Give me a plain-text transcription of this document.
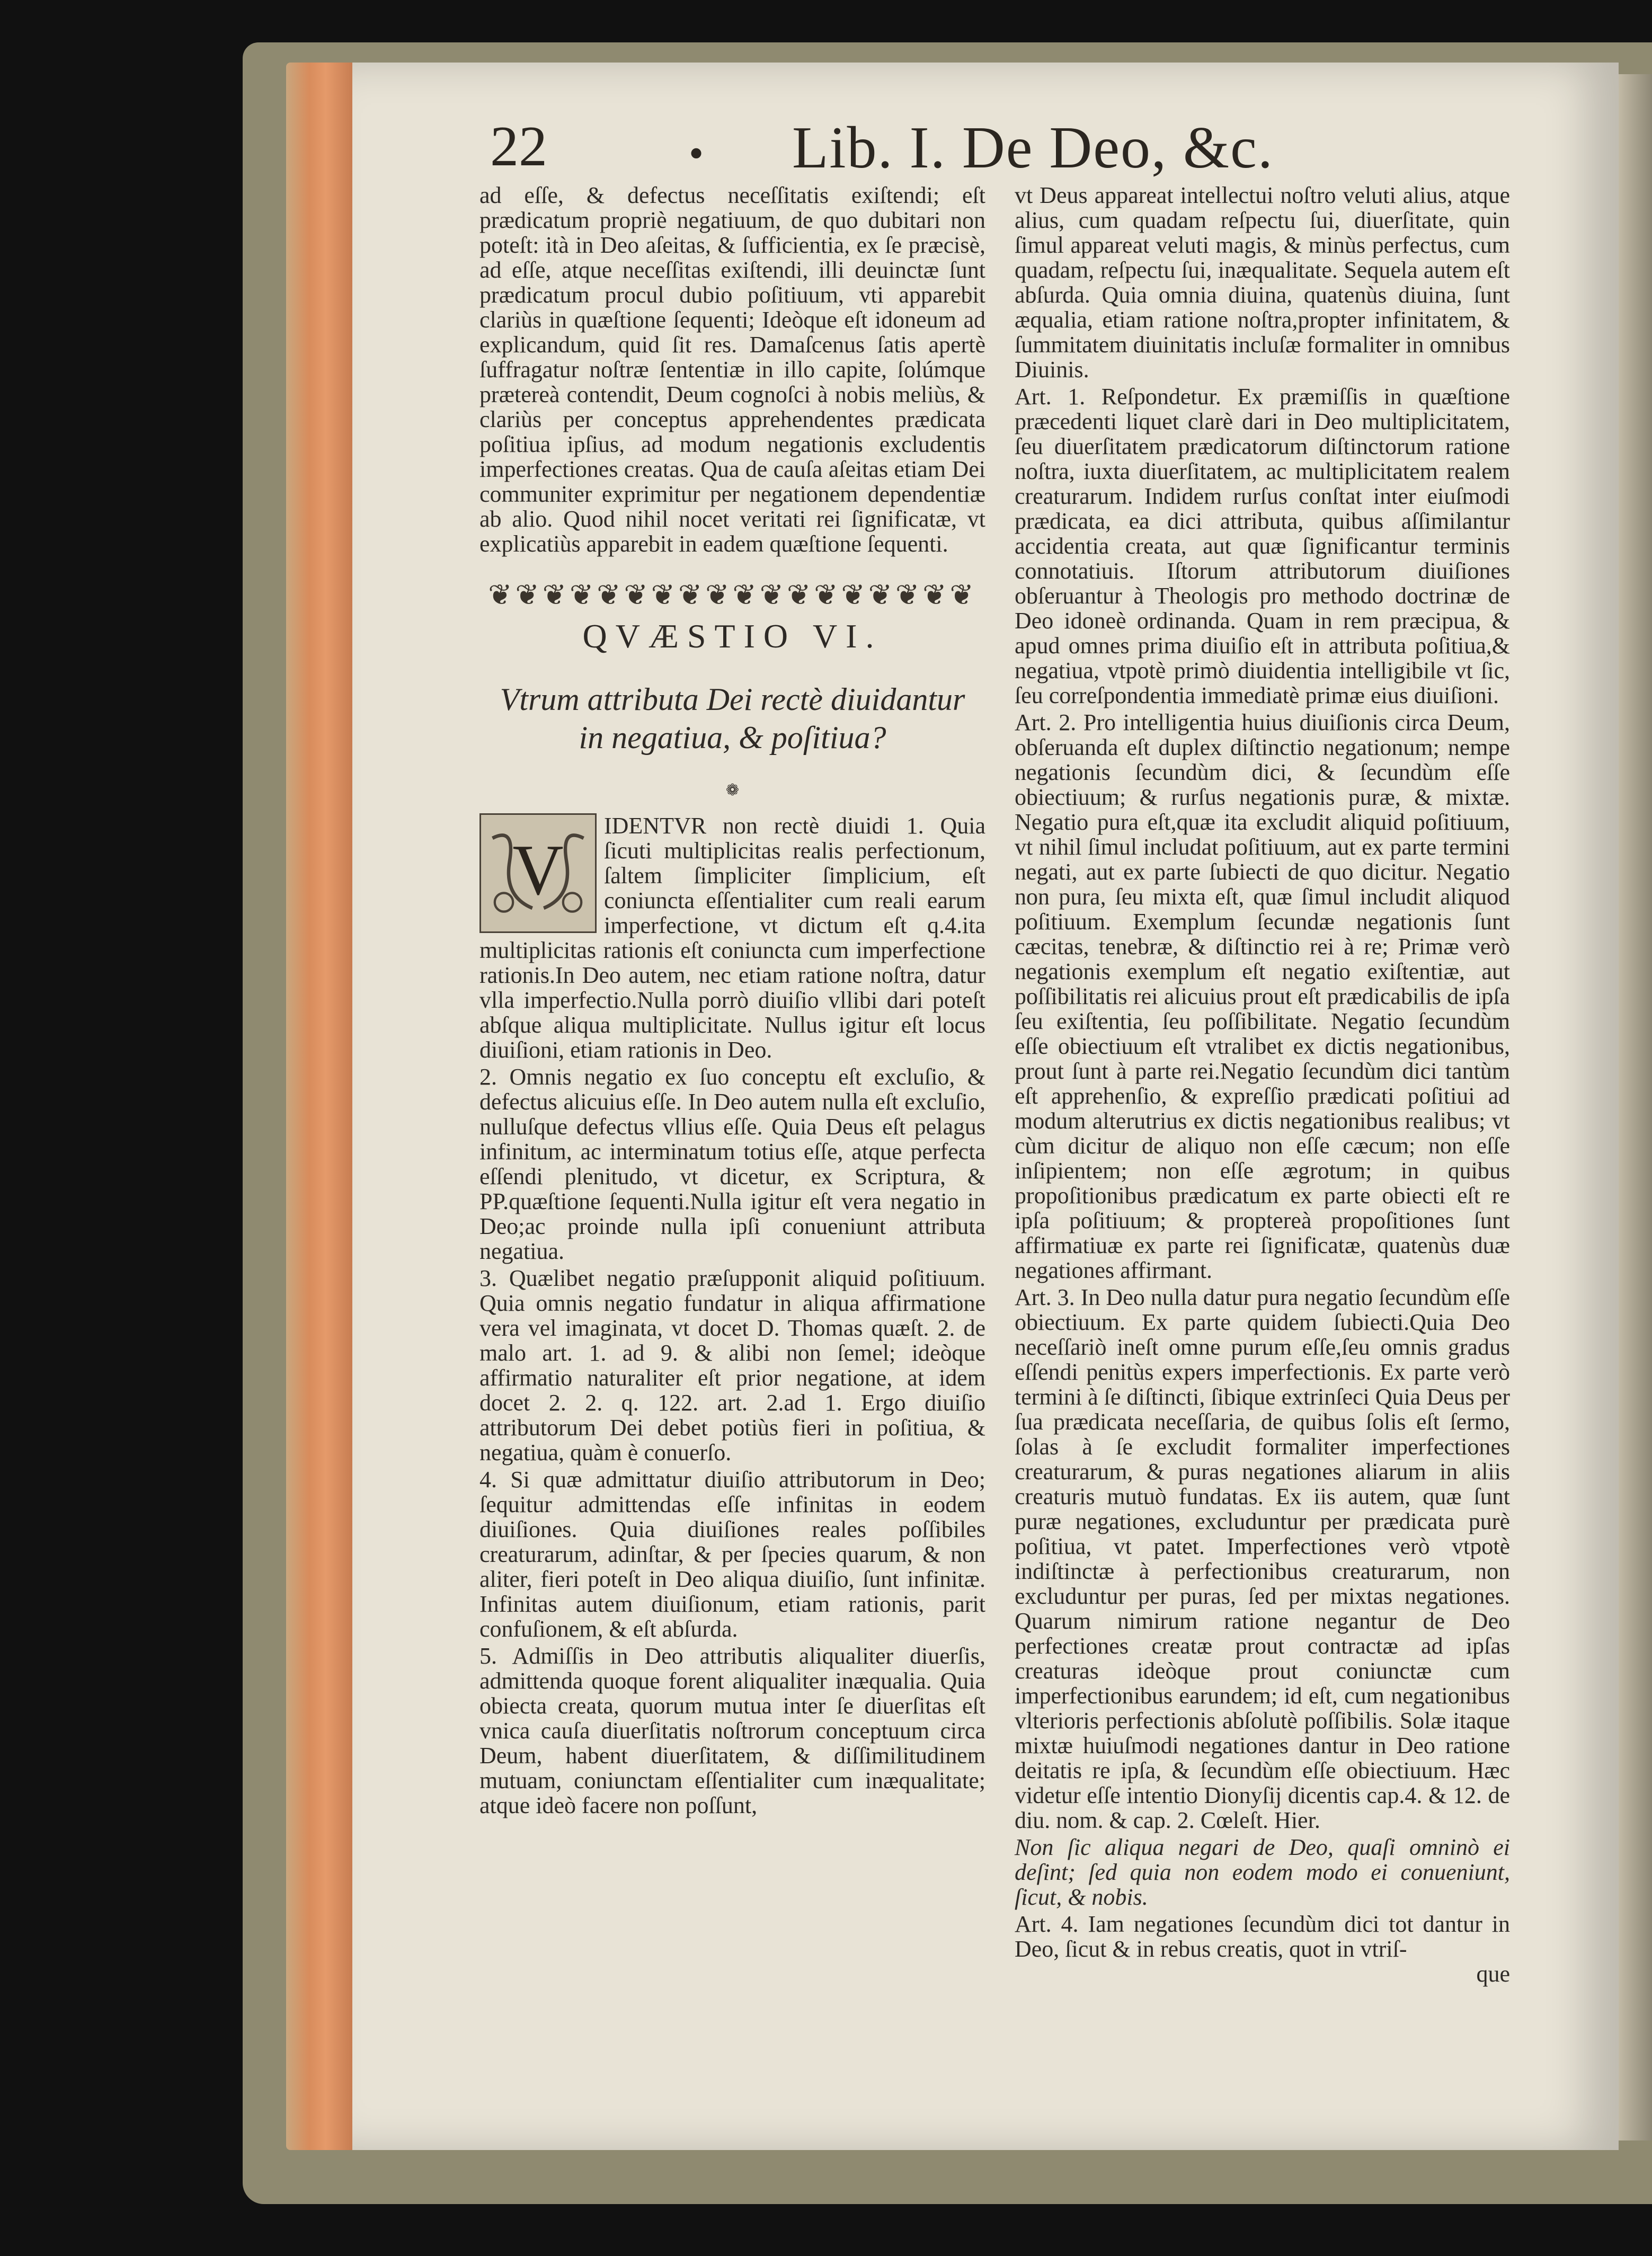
22	• Lib. I. De Deo, &c.

ad eſſe, & defectus neceſſitatis exiſtendi; eſt prædicatum propriè negatiuum, de quo dubitari non poteſt: ità in Deo aſeitas, & ſufficientia, ex ſe præcisè, ad eſſe, atque neceſſitas exiſtendi, illi deuinctæ ſunt prædicatum procul dubio poſitiuum, vti apparebit clariùs in quæſtione ſequenti; Ideòque eſt idoneum ad explicandum, quid ſit res. Damaſcenus ſatis apertè ſuffragatur noſtræ ſententiæ in illo capite, ſolúmque prætereà contendit, Deum cognoſci à nobis meliùs, & clariùs per conceptus apprehendentes prædicata poſitiua ipſius, ad modum negationis excludentis imperfectiones creatas. Qua de cauſa aſeitas etiam Dei communiter exprimitur per negationem dependentiæ ab alio. Quod nihil nocet veritati rei ſignificatæ, vt explicatiùs apparebit in eadem quæſtione ſequenti.

❦❦❦❦❦❦❦❦❦❦❦❦❦❦❦❦❦❦
QVÆSTIO VI.
Vtrum attributa Dei rectè diuidantur in negatiua, & poſitiua?
❁
V

IDENTVR non rectè diuidi 1. Quia ſicuti multiplicitas realis perfectionum, ſaltem ſimpliciter ſimplicium, eſt coniuncta eſſentialiter cum reali earum imperfectione, vt dictum eſt q.4.ita multiplicitas rationis eſt coniuncta cum imperfectione rationis.In Deo autem, nec etiam ratione noſtra, datur vlla imperfectio.Nulla porrò diuiſio vllibi dari poteſt abſque aliqua multiplicitate. Nullus igitur eſt locus diuiſioni, etiam rationis in Deo.

2. Omnis negatio ex ſuo conceptu eſt excluſio, & defectus alicuius eſſe. In Deo autem nulla eſt excluſio, nulluſque defectus vllius eſſe. Quia Deus eſt pelagus infinitum, ac interminatum totius eſſe, atque perfecta eſſendi plenitudo, vt dicetur, ex Scriptura, & PP.quæſtione ſequenti.Nulla igitur eſt vera negatio in Deo;ac proinde nulla ipſi conueniunt attributa negatiua.

3. Quælibet negatio præſupponit aliquid poſitiuum. Quia omnis negatio fundatur in aliqua affirmatione vera vel imaginata, vt docet D. Thomas quæſt. 2. de malo art. 1. ad 9. & alibi non ſemel; ideòque affirmatio naturaliter eſt prior negatione, at idem docet 2. 2. q. 122. art. 2.ad 1. Ergo diuiſio attributorum Dei debet potiùs fieri in poſitiua, & negatiua, quàm è conuerſo.

4. Si quæ admittatur diuiſio attributorum in Deo; ſequitur admittendas eſſe infinitas in eodem diuiſiones. Quia diuiſiones reales poſſibiles creaturarum, adinſtar, & per ſpecies quarum, & non aliter, fieri poteſt in Deo aliqua diuiſio, ſunt infinitæ. Infinitas autem diuiſionum, etiam rationis, parit confuſionem, & eſt abſurda.

5. Admiſſis in Deo attributis aliqualiter diuerſis, admittenda quoque forent aliqualiter inæqualia. Quia obiecta creata, quorum mutua inter ſe diuerſitas eſt vnica cauſa diuerſitatis noſtrorum conceptuum circa Deum, habent diuerſitatem, & diſſimilitudinem mutuam, coniunctam eſſentialiter cum inæqualitate; atque ideò facere non poſſunt,

vt Deus appareat intellectui noſtro veluti alius, atque alius, cum quadam reſpectu ſui, diuerſitate, quin ſimul appareat veluti magis, & minùs perfectus, cum quadam, reſpectu ſui, inæqualitate. Sequela autem eſt abſurda. Quia omnia diuina, quatenùs diuina, ſunt æqualia, etiam ratione noſtra,propter infinitatem, & ſummitatem diuinitatis incluſæ formaliter in omnibus Diuinis.

Art. 1. Reſpondetur. Ex præmiſſis in quæſtione præcedenti liquet clarè dari in Deo multiplicitatem, ſeu diuerſitatem prædicatorum diſtinctorum ratione noſtra, iuxta diuerſitatem, ac multiplicitatem realem creaturarum. Indidem rurſus conſtat inter eiuſmodi prædicata, ea dici attributa, quibus aſſimilantur accidentia creata, aut quæ ſignificantur terminis connotatiuis. Iſtorum attributorum diuiſiones obſeruantur à Theologis pro methodo doctrinæ de Deo idoneè ordinanda. Quam in rem præcipua, & apud omnes prima diuiſio eſt in attributa poſitiua,& negatiua, vtpotè primò diuidentia intelligibile vt ſic, ſeu correſpondentia immediatè primæ eius diuiſioni.

Art. 2. Pro intelligentia huius diuiſionis circa Deum, obſeruanda eſt duplex diſtinctio negationum; nempe negationis ſecundùm dici, & ſecundùm eſſe obiectiuum; & rurſus negationis puræ, & mixtæ. Negatio pura eſt,quæ ita excludit aliquid poſitiuum, vt nihil ſimul includat poſitiuum, aut ex parte termini negati, aut ex parte ſubiecti de quo dicitur. Negatio non pura, ſeu mixta eſt, quæ ſimul includit aliquod poſitiuum. Exemplum ſecundæ negationis ſunt cæcitas, tenebræ, & diſtinctio rei à re; Primæ verò negationis exemplum eſt negatio exiſtentiæ, aut poſſibilitatis rei alicuius prout eſt prædicabilis de ipſa ſeu exiſtentia, ſeu poſſibilitate. Negatio ſecundùm eſſe obiectiuum eſt vtralibet ex dictis negationibus, prout ſunt à parte rei.Negatio ſecundùm dici tantùm eſt apprehenſio, & expreſſio prædicati poſitiui ad modum alterutrius ex dictis negationibus realibus; vt cùm dicitur de aliquo non eſſe cæcum; non eſſe inſipientem; non eſſe ægrotum; in quibus propoſitionibus prædicatum ex parte obiecti eſt re ipſa poſitiuum; & proptereà propoſitiones ſunt affirmatiuæ ex parte rei ſignificatæ, quatenùs duæ negationes affirmant.

Art. 3. In Deo nulla datur pura negatio ſecundùm eſſe obiectiuum. Ex parte quidem ſubiecti.Quia Deo neceſſariò ineſt omne purum eſſe,ſeu omnis gradus eſſendi penitùs expers imperfectionis. Ex parte verò termini à ſe diſtincti, ſibique extrinſeci Quia Deus per ſua prædicata neceſſaria, de quibus ſolis eſt ſermo, ſolas à ſe excludit formaliter imperfectiones creaturarum, & puras negationes aliarum in aliis creaturis mutuò fundatas. Ex iis autem, quæ ſunt puræ negationes, excluduntur per prædicata purè poſitiua, vt patet. Imperfectiones verò vtpotè indiſtinctæ à perfectionibus creaturarum, non excluduntur per puras, ſed per mixtas negationes. Quarum nimirum ratione negantur de Deo perfectiones creatæ prout contractæ ad ipſas creaturas ideòque prout coniunctæ cum imperfectionibus earundem; id eſt, cum negationibus vlterioris perfectionis abſolutè poſſibilis. Solæ itaque mixtæ huiuſmodi negationes dantur in Deo ratione deitatis re ipſa, & ſecundùm eſſe obiectiuum. Hæc videtur eſſe intentio Dionyſij dicentis cap.4. & 12. de diu. nom. & cap. 2. Cœleſt. Hier.

Non ſic aliqua negari de Deo, quaſi omninò ei deſint; ſed quia non eodem modo ei conueniunt, ſicut, & nobis.

Art. 4. Iam negationes ſecundùm dici tot dantur in Deo, ſicut & in rebus creatis, quot in vtriſ-

que
